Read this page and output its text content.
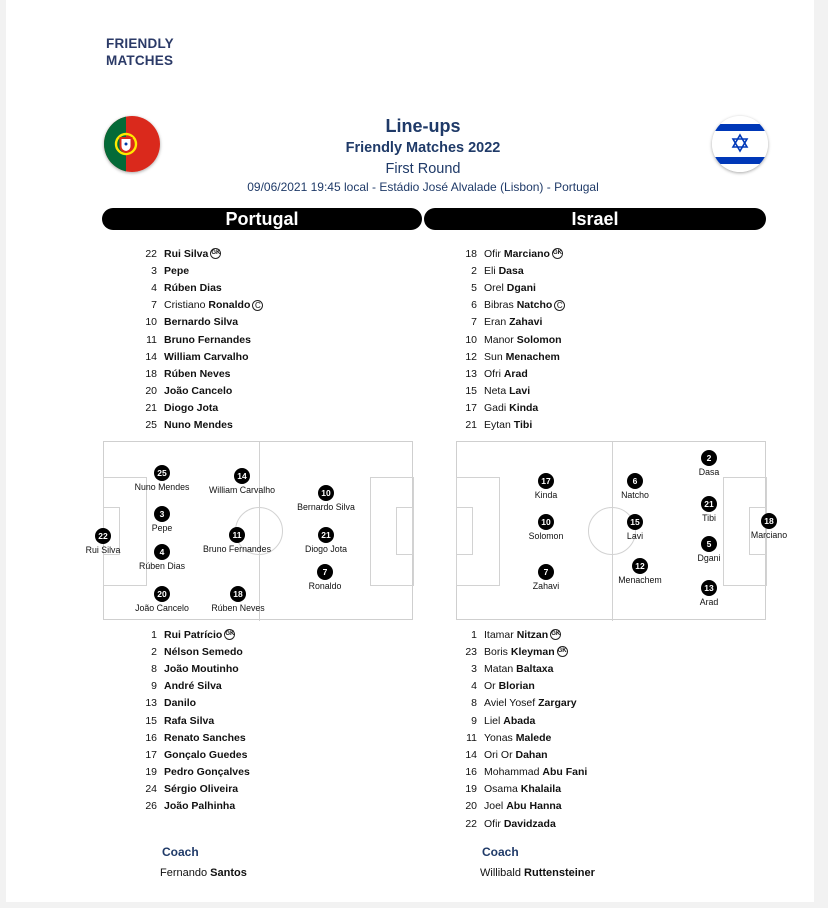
FRIENDLY
MATCHES
Line-ups
Friendly Matches 2022
First Round
09/06/2021 19:45 local - Estádio José Alvalade (Lisbon) - Portugal
Portugal	Israel
22 Rui Silva GK
3 Pepe
4 Rúben Dias
7 Cristiano Ronaldo C
10 Bernardo Silva
11 Bruno Fernandes
14 William Carvalho
18 Rúben Neves
20 João Cancelo
21 Diogo Jota
25 Nuno Mendes
18 Ofir Marciano GK
2 Eli Dasa
5 Orel Dgani
6 Bibras Natcho C
7 Eran Zahavi
10 Manor Solomon
12 Sun Menachem
13 Ofri Arad
15 Neta Lavi
17 Gadi Kinda
21 Eytan Tibi
22
Rui Silva
25
Nuno Mendes
3
Pepe
4
Rúben Dias
20
João Cancelo
14
William Carvalho
11
Bruno Fernandes
18
Rúben Neves
10
Bernardo Silva
21
Diogo Jota
7
Ronaldo
17
Kinda
10
Solomon
7
Zahavi
6
Natcho
15
Lavi
12
Menachem
2
Dasa
21
Tibi
5
Dgani
13
Arad
18
Marciano
1 Rui Patrício GK
2 Nélson Semedo
8 João Moutinho
9 André Silva
13 Danilo
15 Rafa Silva
16 Renato Sanches
17 Gonçalo Guedes
19 Pedro Gonçalves
24 Sérgio Oliveira
26 João Palhinha
1 Itamar Nitzan GK
23 Boris Kleyman GK
3 Matan Baltaxa
4 Or Blorian
8 Aviel Yosef Zargary
9 Liel Abada
11 Yonas Malede
14 Ori Or Dahan
16 Mohammad Abu Fani
19 Osama Khalaila
20 Joel Abu Hanna
22 Ofir Davidzada
Coach
Fernando Santos
Coach
Willibald Ruttensteiner
